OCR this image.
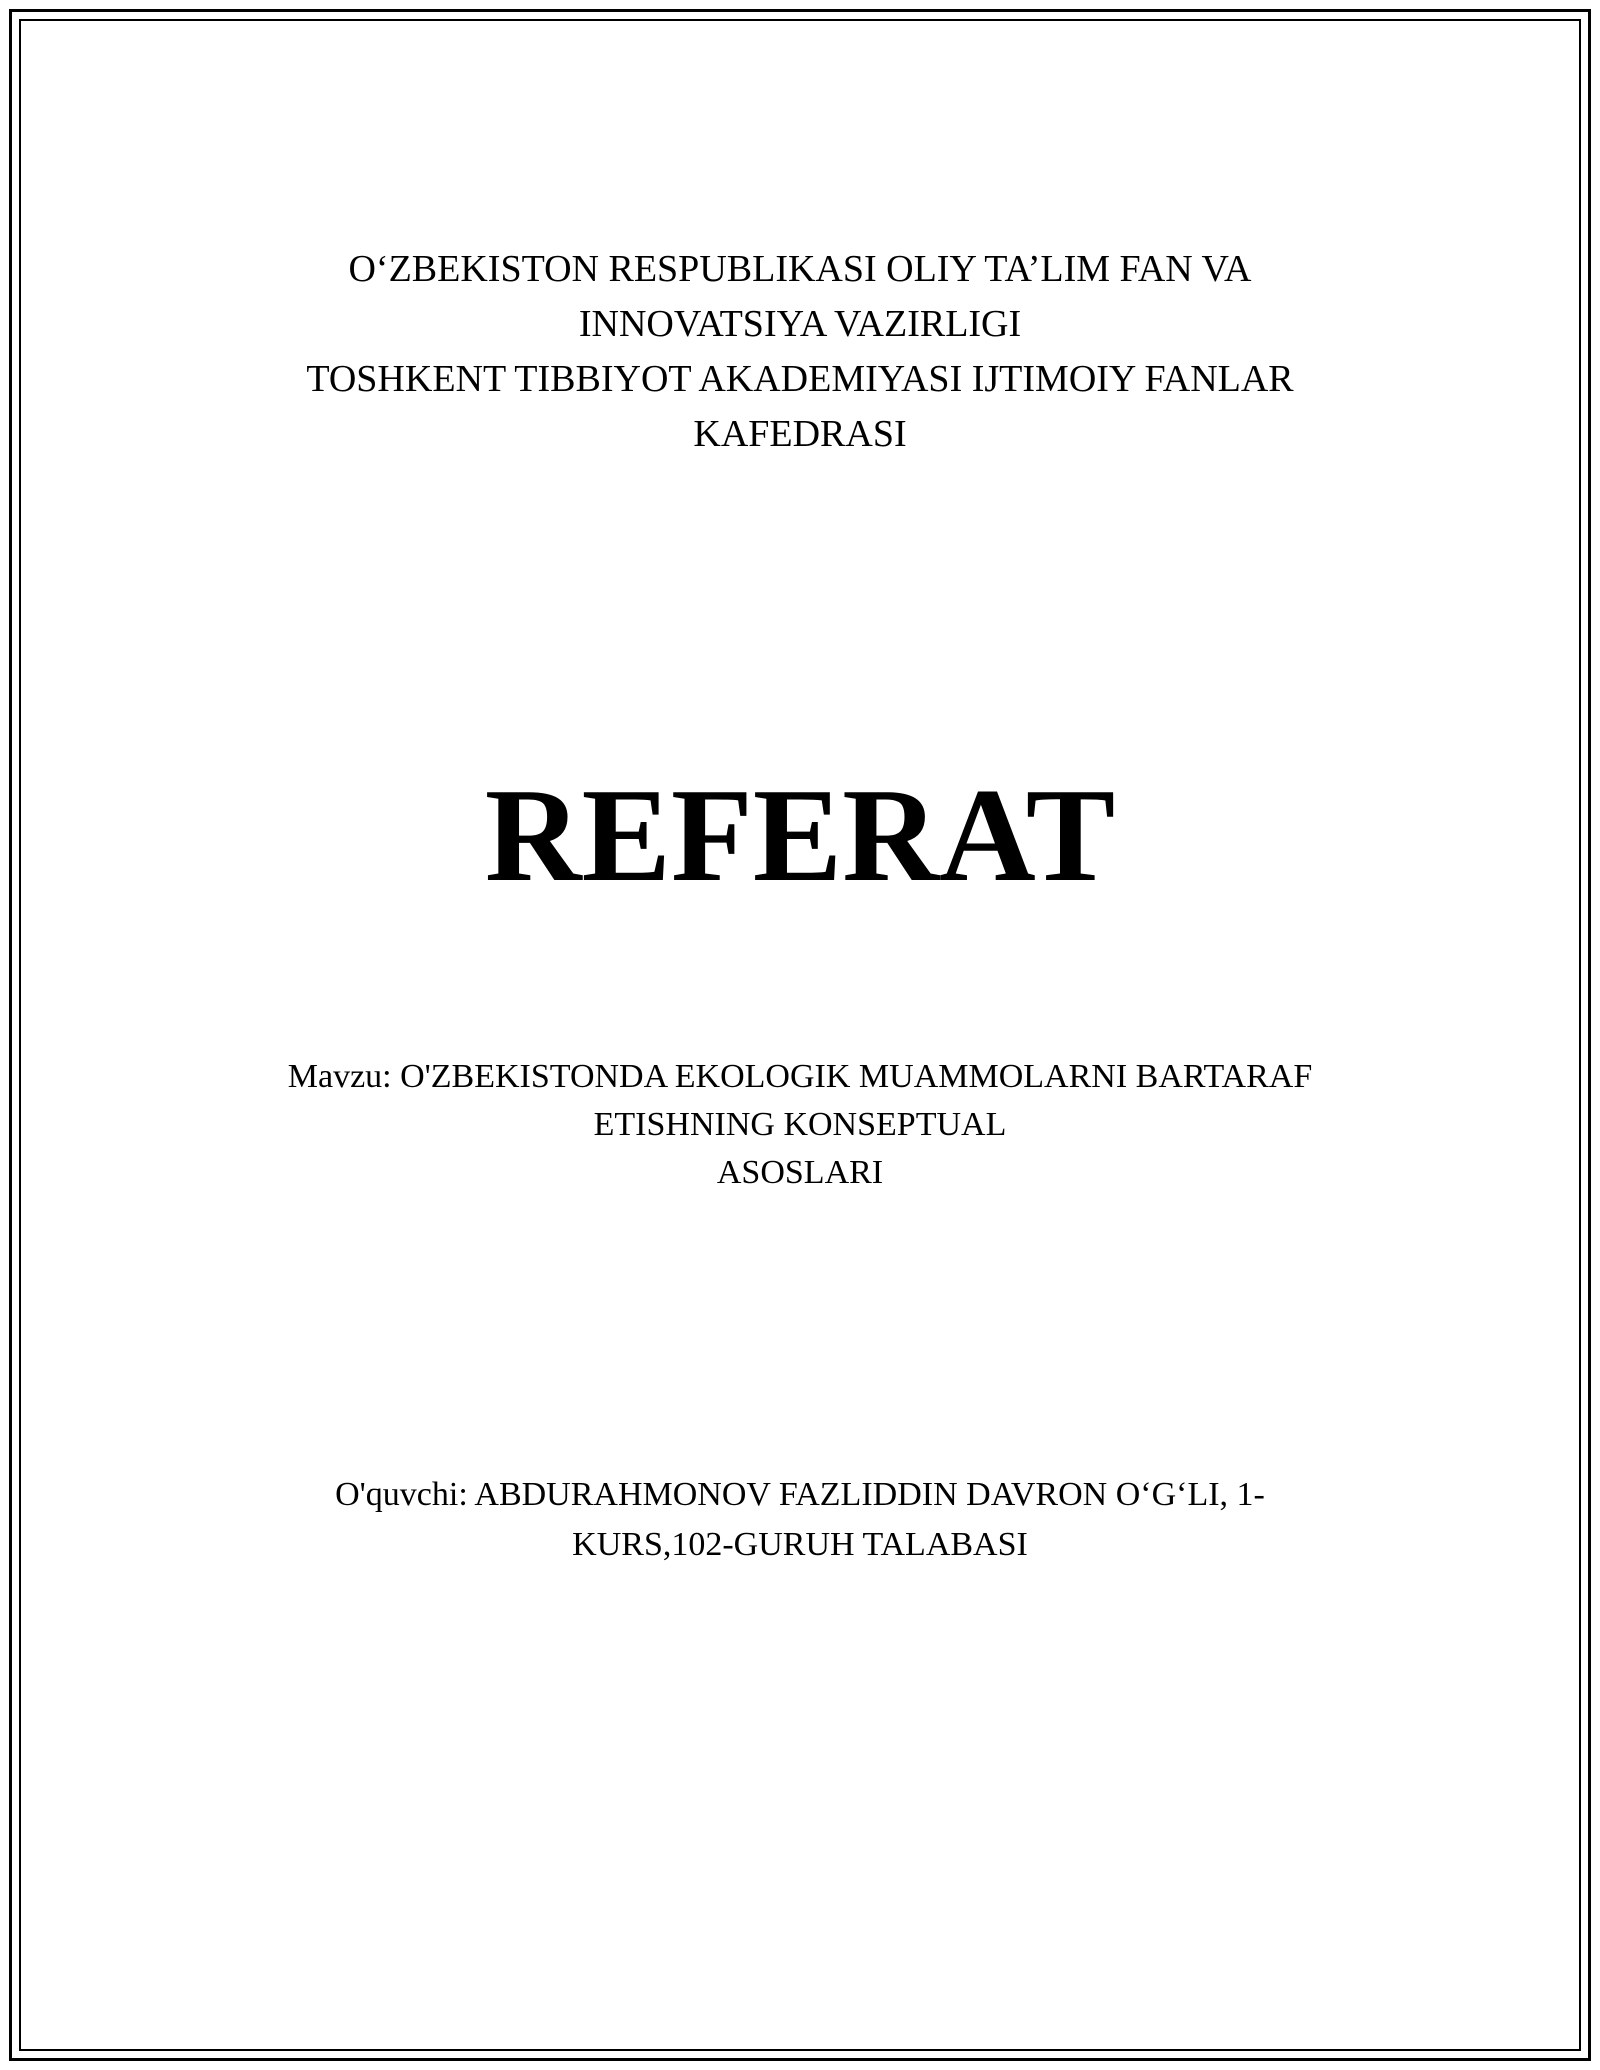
O‘ZBEKISTON RESPUBLIKASI OLIY TA’LIM FAN VA
INNOVATSIYA VAZIRLIGI
TOSHKENT TIBBIYOT AKADEMIYASI IJTIMOIY FANLAR
KAFEDRASI
REFERAT
Mavzu: O'ZBEKISTONDA EKOLOGIK MUAMMOLARNI BARTARAF
ETISHNING KONSEPTUAL
ASOSLARI
O'quvchi: ABDURAHMONOV FAZLIDDIN DAVRON O‘G‘LI, 1-
KURS,102-GURUH TALABASI
